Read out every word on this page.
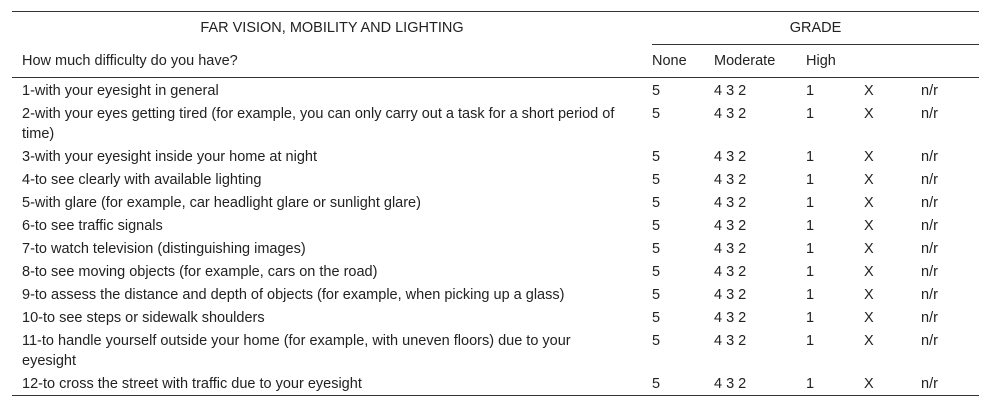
FAR VISION, MOBILITY AND LIGHTING	GRADE				
How much difficulty do you have?	None	Moderate	High		
1-with your eyesight in general	5	4 3 2	1	X	n/r
2-with your eyes getting tired (for example, you can only carry out a task for a short period of time)	5	4 3 2	1	X	n/r
3-with your eyesight inside your home at night	5	4 3 2	1	X	n/r
4-to see clearly with available lighting	5	4 3 2	1	X	n/r
5-with glare (for example, car headlight glare or sunlight glare)	5	4 3 2	1	X	n/r
6-to see traffic signals	5	4 3 2	1	X	n/r
7-to watch television (distinguishing images)	5	4 3 2	1	X	n/r
8-to see moving objects (for example, cars on the road)	5	4 3 2	1	X	n/r
9-to assess the distance and depth of objects (for example, when picking up a glass)	5	4 3 2	1	X	n/r
10-to see steps or sidewalk shoulders	5	4 3 2	1	X	n/r
11-to handle yourself outside your home (for example, with uneven floors) due to your eyesight	5	4 3 2	1	X	n/r
12-to cross the street with traffic due to your eyesight	5	4 3 2	1	X	n/r
